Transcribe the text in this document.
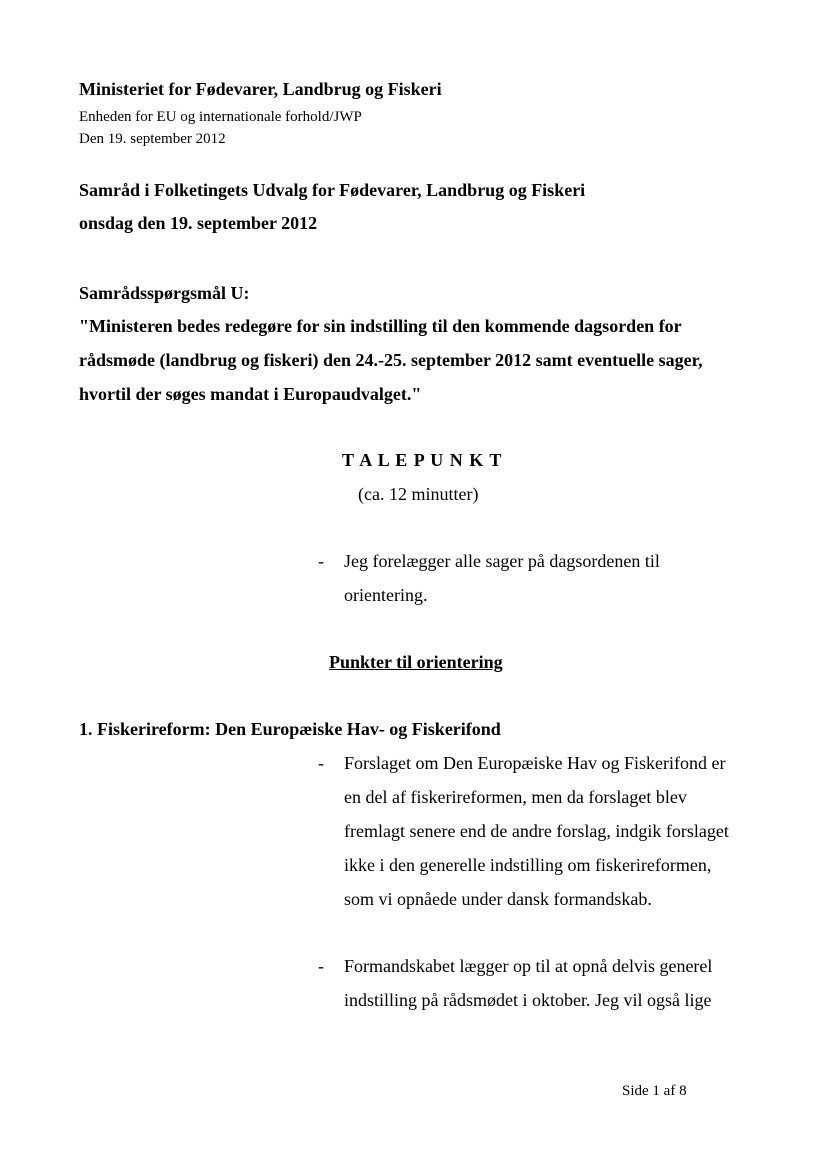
Ministeriet for Fødevarer, Landbrug og Fiskeri
Enheden for EU og internationale forhold/JWP
Den 19. september 2012
Samråd i Folketingets Udvalg for Fødevarer, Landbrug og Fiskeri
onsdag den 19. september 2012
Samrådsspørgsmål U:
"Ministeren bedes redegøre for sin indstilling til den kommende dagsorden for
rådsmøde (landbrug og fiskeri) den 24.-25. september 2012 samt eventuelle sager,
hvortil der søges mandat i Europaudvalget."
T A L E P U N K T
(ca. 12 minutter)
- Jeg forelægger alle sager på dagsordenen til
orientering.
Punkter til orientering
1. Fiskerireform: Den Europæiske Hav- og Fiskerifond
- Forslaget om Den Europæiske Hav og Fiskerifond er
en del af fiskerireformen, men da forslaget blev
fremlagt senere end de andre forslag, indgik forslaget
ikke i den generelle indstilling om fiskerireformen,
som vi opnåede under dansk formandskab.
- Formandskabet lægger op til at opnå delvis generel
indstilling på rådsmødet i oktober. Jeg vil også lige
Side 1 af 8
